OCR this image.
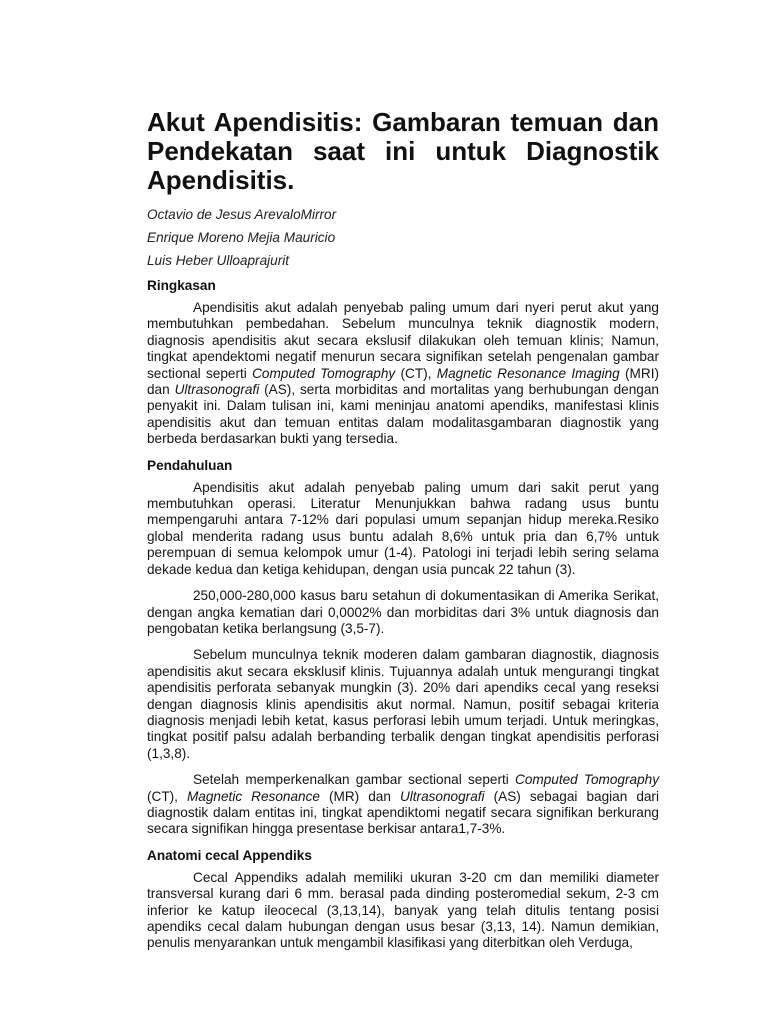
Akut Apendisitis: Gambaran temuan dan Pendekatan saat ini untuk Diagnostik Apendisitis.
Octavio de Jesus ArevaloMirror
Enrique Moreno Mejia Mauricio
Luis Heber Ulloaprajurit
Ringkasan

Apendisitis akut adalah penyebab paling umum dari nyeri perut akut yang membutuhkan pembedahan. Sebelum munculnya teknik diagnostik modern, diagnosis apendisitis akut secara ekslusif dilakukan oleh temuan klinis; Namun, tingkat apendektomi negatif menurun secara signifikan setelah pengenalan gambar sectional seperti Computed Tomography (CT), Magnetic Resonance Imaging (MRI) dan Ultrasonografi (AS), serta morbiditas and mortalitas yang berhubungan dengan penyakit ini. Dalam tulisan ini, kami meninjau anatomi apendiks, manifestasi klinis apendisitis akut dan temuan entitas dalam modalitasgambaran diagnostik yang berbeda berdasarkan bukti yang tersedia.

Pendahuluan

Apendisitis akut adalah penyebab paling umum dari sakit perut yang membutuhkan operasi. Literatur Menunjukkan bahwa radang usus buntu mempengaruhi antara 7-12% dari populasi umum sepanjan hidup mereka.Resiko global menderita radang usus buntu adalah 8,6% untuk pria dan 6,7% untuk perempuan di semua kelompok umur (1-4). Patologi ini terjadi lebih sering selama dekade kedua dan ketiga kehidupan, dengan usia puncak 22 tahun (3).

250,000-280,000 kasus baru setahun di dokumentasikan di Amerika Serikat, dengan angka kematian dari 0,0002% dan morbiditas dari 3% untuk diagnosis dan pengobatan ketika berlangsung (3,5-7).

Sebelum munculnya teknik moderen dalam gambaran diagnostik, diagnosis apendisitis akut secara eksklusif klinis. Tujuannya adalah untuk mengurangi tingkat apendisitis perforata sebanyak mungkin (3). 20% dari apendiks cecal yang reseksi dengan diagnosis klinis apendisitis akut normal. Namun, positif sebagai kriteria diagnosis menjadi lebih ketat, kasus perforasi lebih umum terjadi. Untuk meringkas, tingkat positif palsu adalah berbanding terbalik dengan tingkat apendisitis perforasi (1,3,8).

Setelah memperkenalkan gambar sectional seperti Computed Tomography (CT), Magnetic Resonance (MR) dan Ultrasonografi (AS) sebagai bagian dari diagnostik dalam entitas ini, tingkat apendiktomi negatif secara signifikan berkurang secara signifikan hingga presentase berkisar antara1,7-3%.

Anatomi cecal Appendiks

Cecal Appendiks adalah memiliki ukuran 3-20 cm dan memiliki diameter transversal kurang dari 6 mm. berasal pada dinding posteromedial sekum, 2-3 cm inferior ke katup ileocecal (3,13,14), banyak yang telah ditulis tentang posisi apendiks cecal dalam hubungan dengan usus besar (3,13, 14). Namun demikian, penulis menyarankan untuk mengambil klasifikasi yang diterbitkan oleh Verduga,
